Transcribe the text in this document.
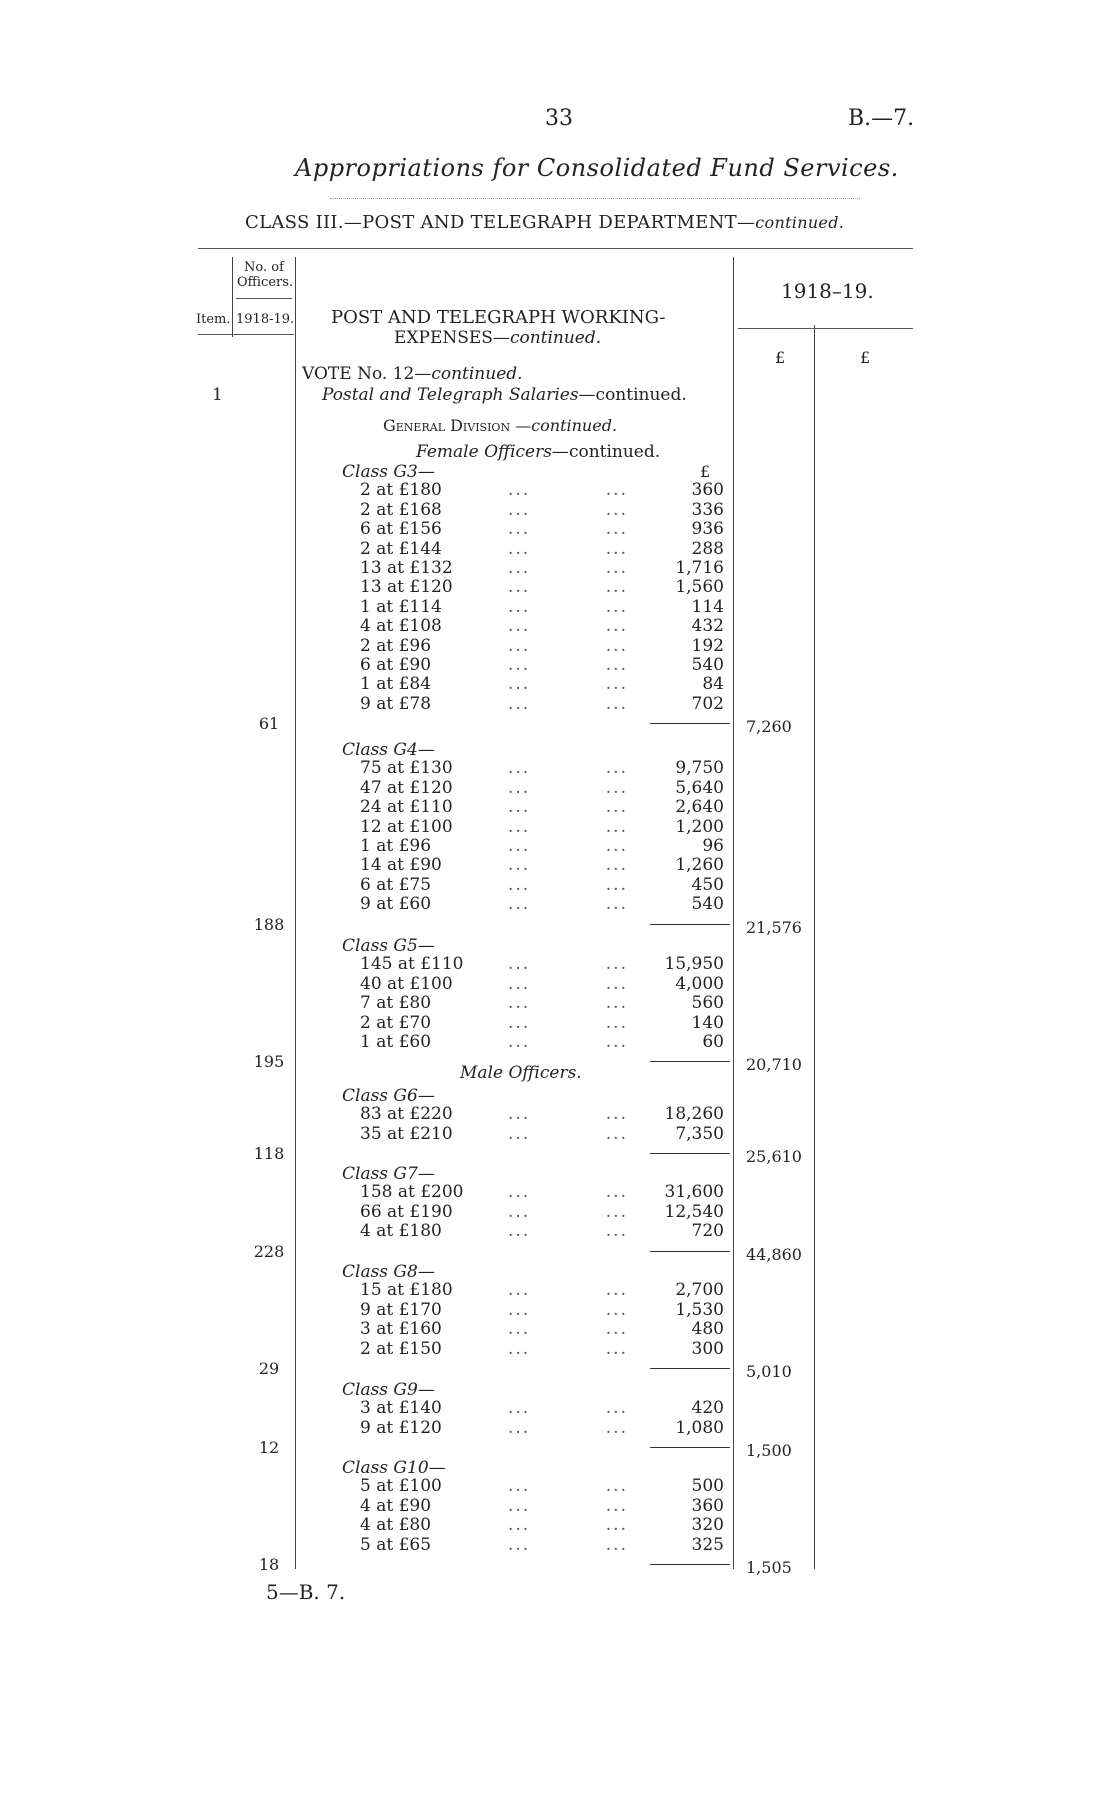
33	B.—7.
Appropriations for Consolidated Fund Services.
CLASS III.—POST AND TELEGRAPH DEPARTMENT—continued.
No. of
Officers.
Item. 1918-19.
1918–19.
£	£
POST AND TELEGRAPH WORKING-
EXPENSES—continued.
VOTE No. 12—continued.
1	Postal and Telegraph Salaries—continued.
General Division —continued.
Female Officers—continued.
£
Class G3—
2 at £180	...	...	360
2 at £168	...	...	336
6 at £156	...	...	936
2 at £144	...	...	288
13 at £132	...	...	1,716
13 at £120	...	...	1,560
1 at £114	...	...	114
4 at £108	...	...	432
2 at £96	...	...	192
6 at £90	...	...	540
1 at £84	...	...	84
9 at £78	...	...	702
61	7,260
Class G4—
75 at £130	...	...	9,750
47 at £120	...	...	5,640
24 at £110	...	...	2,640
12 at £100	...	...	1,200
1 at £96	...	...	96
14 at £90	...	...	1,260
6 at £75	...	...	450
9 at £60	...	...	540
188	21,576
Class G5—
145 at £110	...	... 15,950
40 at £100	...	...	4,000
7 at £80	...	...	560
2 at £70	...	...	140
1 at £60	...	...	60
195	20,710
Class G6—
83 at £220	...	... 18,260
35 at £210	...	...	7,350
118	25,610
Class G7—
158 at £200	...	... 31,600
66 at £190	...	... 12,540
4 at £180	...	...	720
228	44,860
Class G8—
15 at £180	...	...	2,700
9 at £170	...	...	1,530
3 at £160	...	...	480
2 at £150	...	...	300
29	5,010
Class G9—
3 at £140	...	...	420
9 at £120	...	...	1,080
12	1,500
Class G10—
5 at £100	...	...	500
4 at £90	...	...	360
4 at £80	...	...	320
5 at £65	...	...	325
18	1,505
Male Officers.
5—B. 7.
